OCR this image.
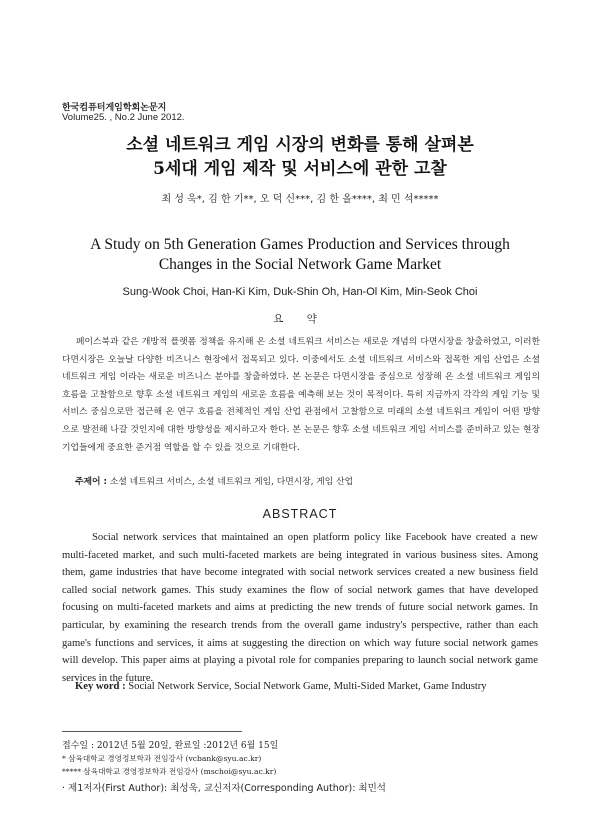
한국컴퓨터게임학회논문지
Volume25. , No.2 June 2012.
소셜 네트워크 게임 시장의 변화를 통해 살펴본
5세대 게임 제작 및 서비스에 관한 고찰
최 성 욱*, 김 한 기**, 오 덕 신***, 김 한 올****, 최 민 석*****
A Study on 5th Generation Games Production and Services through
Changes in the Social Network Game Market
Sung-Wook Choi, Han-Ki Kim, Duk-Shin Oh, Han-Ol Kim, Min-Seok Choi
요 약

페이스북과 같은 개방적 플랫폼 정책을 유지해 온 소셜 네트워크 서비스는 새로운 개념의 다면시장을 창출하였고, 이러한 다면시장은 오늘날 다양한 비즈니스 현장에서 접목되고 있다. 이중에서도 소셜 네트워크 서비스와 접목한 게임 산업은 소셜 네트워크 게임 이라는 새로운 비즈니스 분야를 창출하였다. 본 논문은 다면시장을 중심으로 성장해 온 소셜 네트워크 게임의 흐름을 고찰함으로 향후 소셜 네트워크 게임의 새로운 흐름을 예측해 보는 것이 목적이다. 특히 지금까지 각각의 게임 기능 및 서비스 중심으로만 접근해 온 연구 흐름을 전체적인 게임 산업 관점에서 고찰함으로 미래의 소셜 네트워크 게임이 어떤 방향으로 발전해 나갈 것인지에 대한 방향성을 제시하고자 한다. 본 논문은 향후 소셜 네트워크 게임 서비스를 준비하고 있는 현장 기업들에게 중요한 준거점 역할을 할 수 있을 것으로 기대한다.

주제어 : 소셜 네트워크 서비스, 소셜 네트워크 게임, 다면시장, 게임 산업
ABSTRACT

Social network services that maintained an open platform policy like Facebook have created a new multi-faceted market, and such multi-faceted markets are being integrated in various business sites. Among them, game industries that have become integrated with social network services created a new business field called social network games. This study examines the flow of social network games that have developed focusing on multi-faceted markets and aims at predicting the new trends of future social network games. In particular, by examining the research trends from the overall game industry's perspective, rather than each game's functions and services, it aims at suggesting the direction on which way future social network games will develop. This paper aims at playing a pivotal role for companies preparing to launch social network game services in the future.

Key word : Social Network Service, Social Network Game, Multi-Sided Market, Game Industry
접수일 : 2012년 5월 20일, 완료일 :2012년 6월 15일
* 삼육대학교 경영정보학과 전임강사 (vcbank@syu.ac.kr)
***** 삼육대학교 경영정보학과 전임강사 (mschoi@syu.ac.kr)
· 제1저자(First Author): 최성욱, 교신저자(Corresponding Author): 최민석
